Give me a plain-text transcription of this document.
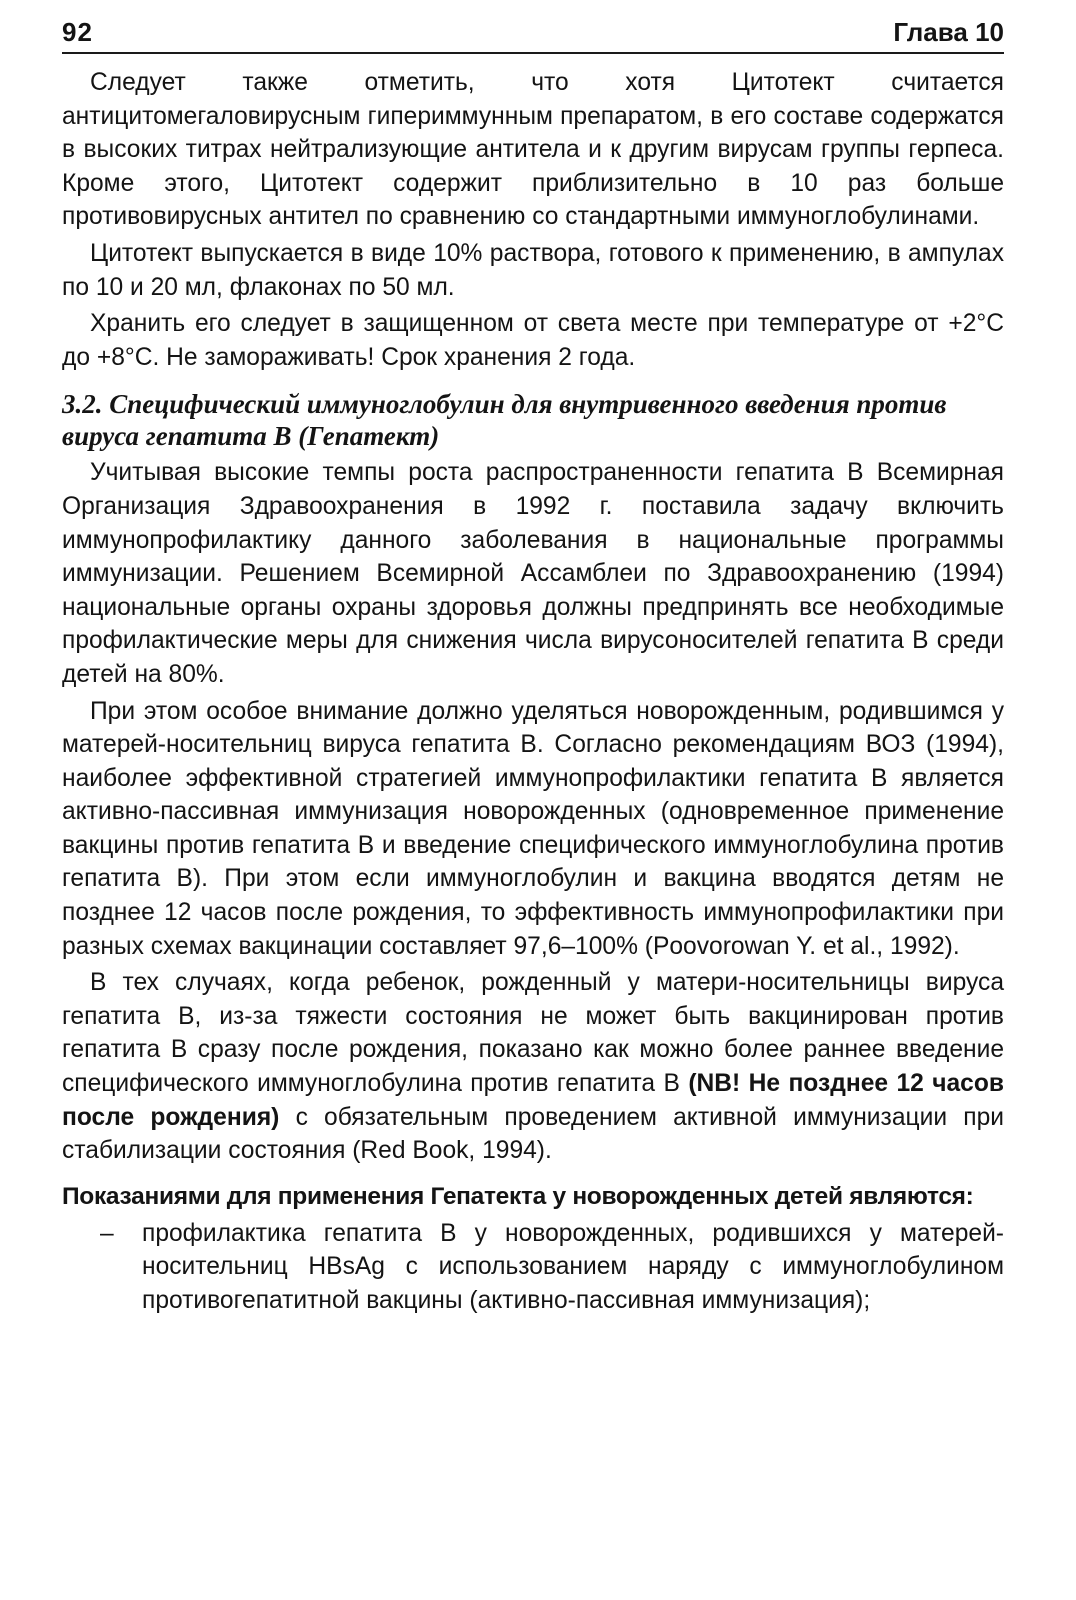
92	Глава 10

Следует также отметить, что хотя Цитотект считается антицитомегаловирусным гипериммунным препаратом, в его составе содержатся в высоких титрах нейтрализующие антитела и к другим вирусам группы герпеса. Кроме этого, Цитотект содержит приблизительно в 10 раз больше противовирусных антител по сравнению со стандартными иммуноглобулинами.

Цитотект выпускается в виде 10% раствора, готового к применению, в ампулах по 10 и 20 мл, флаконах по 50 мл.

Хранить его следует в защищенном от света месте при температуре от +2°С до +8°С. Не замораживать! Срок хранения 2 года.

3.2. Специфический иммуноглобулин для внутривенного введения против вируса гепатита В (Гепатект)

Учитывая высокие темпы роста распространенности гепатита В Всемирная Организация Здравоохранения в 1992 г. поставила задачу включить иммунопрофилактику данного заболевания в национальные программы иммунизации. Решением Всемирной Ассамблеи по Здравоохранению (1994) национальные органы охраны здоровья должны предпринять все необходимые профилактические меры для снижения числа вирусоносителей гепатита В среди детей на 80%.

При этом особое внимание должно уделяться новорожденным, родившимся у матерей-носительниц вируса гепатита В. Согласно рекомендациям ВОЗ (1994), наиболее эффективной стратегией иммунопрофилактики гепатита В является активно-пассивная иммунизация новорожденных (одновременное применение вакцины против гепатита В и введение специфического иммуноглобулина против гепатита В). При этом если иммуноглобулин и вакцина вводятся детям не позднее 12 часов после рождения, то эффективность иммунопрофилактики при разных схемах вакцинации составляет 97,6–100% (Poovorowan Y. et al., 1992).

В тех случаях, когда ребенок, рожденный у матери-носительницы вируса гепатита В, из-за тяжести состояния не может быть вакцинирован против гепатита В сразу после рождения, показано как можно более раннее введение специфического иммуноглобулина против гепатита В (NB! Не позднее 12 часов после рождения) с обязательным проведением активной иммунизации при стабилизации состояния (Red Book, 1994).

Показаниями для применения Гепатекта у новорожденных детей являются:

–	профилактика гепатита В у новорожденных, родившихся у матерей-носительниц HBsAg с использованием наряду с иммуноглобулином противогепатитной вакцины (активно-пассивная иммунизация);
